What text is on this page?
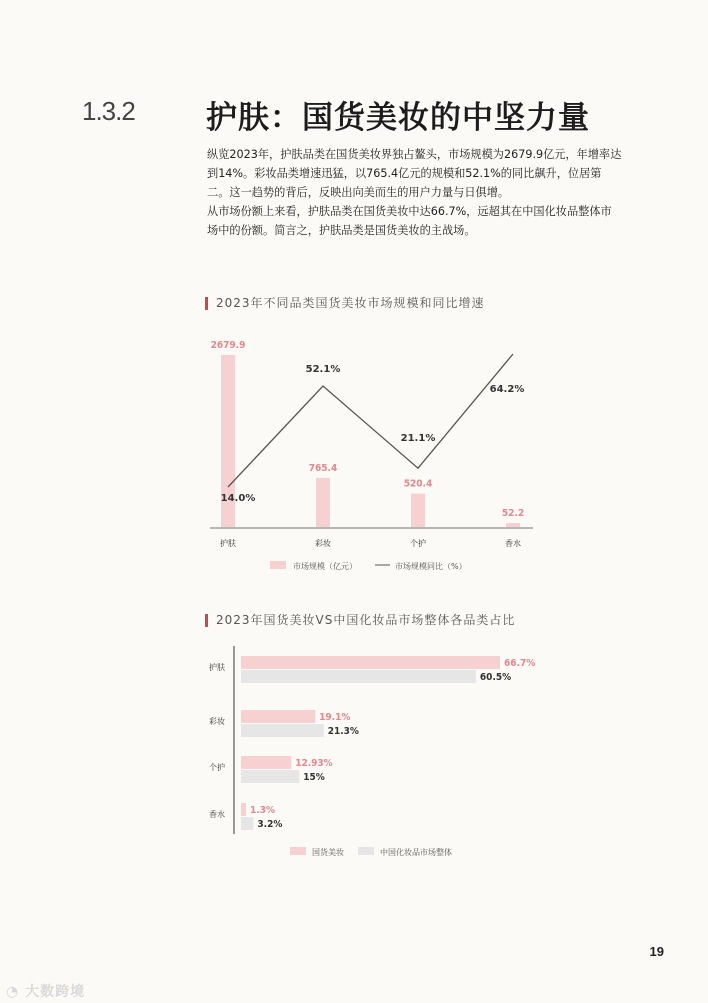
1.3.2 护肤：国货美妆的中坚力量

纵览2023年，护肤品类在国货美妆界独占鳌头，市场规模为2679.9亿元，年增率达到14%。彩妆品类增速迅猛，以765.4亿元的规模和52.1%的同比飙升，位居第二。这一趋势的背后，反映出向美而生的用户力量与日俱增。

从市场份额上来看，护肤品类在国货美妆中达66.7%，远超其在中国化妆品整体市场中的份额。简言之，护肤品类是国货美妆的主战场。

2023年不同品类国货美妆市场规模和同比增速
2679.9
765.4
520.4
52.2
14.0%
52.1%
21.1%
64.2%
护肤	彩妆	个护	香水
市场规模（亿元）	市场规模同比（%）
2023年国货美妆VS中国化妆品市场整体各品类占比
护肤	66.7%
60.5%
彩妆	19.1%
21.3%
个护	12.93%
15%
香水	1.3%
3.2%
国货美妆	中国化妆品市场整体
19
◔ 大数跨境
